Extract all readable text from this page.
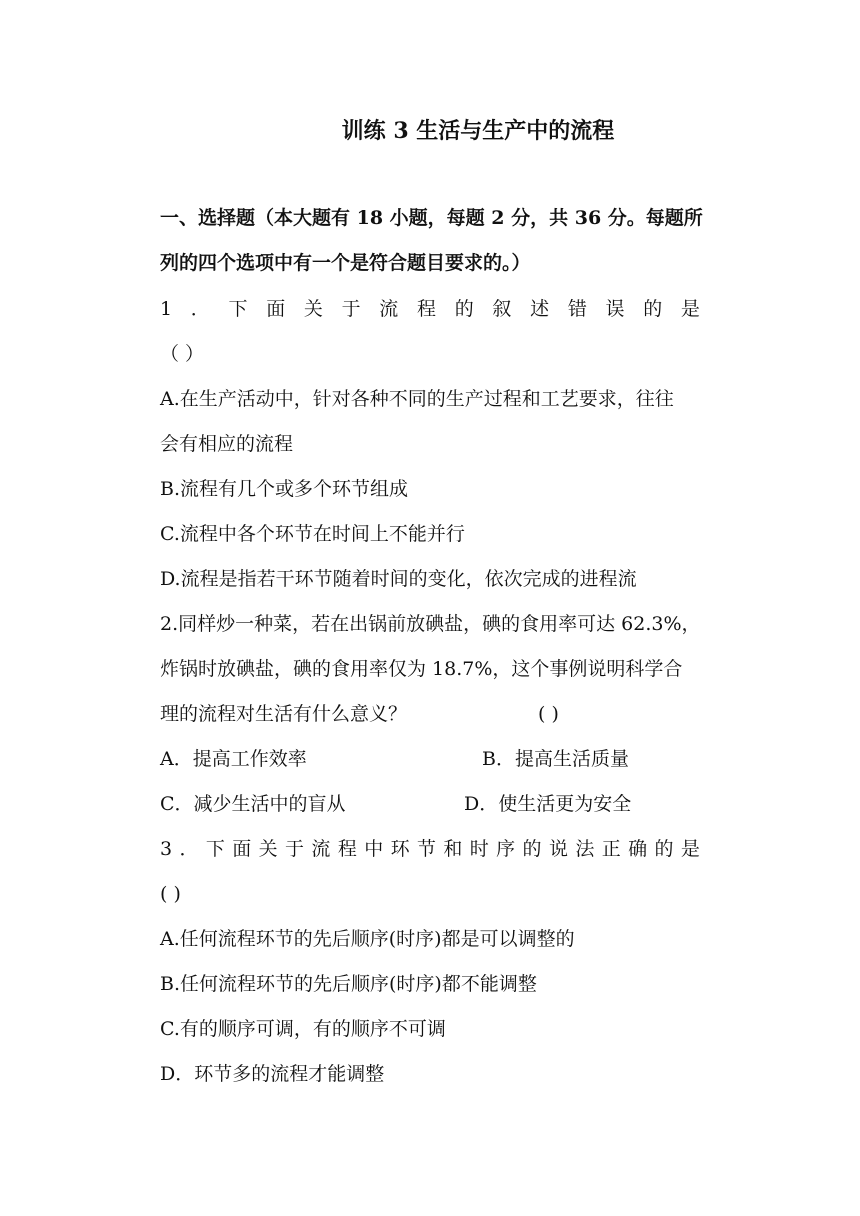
训练 3 生活与生产中的流程
一、选择题（本大题有 18 小题，每题 2 分，共 36 分。每题所
列的四个选项中有一个是符合题目要求的。）
1 ． 下 面 关 于 流 程 的 叙 述 错 误 的 是
（ ）
A.在生产活动中，针对各种不同的生产过程和工艺要求，往往
会有相应的流程
B.流程有几个或多个环节组成
C.流程中各个环节在时间上不能并行
D.流程是指若干环节随着时间的变化，依次完成的进程流
2.同样炒一种菜，若在出锅前放碘盐，碘的食用率可达 62.3%，
炸锅时放碘盐，碘的食用率仅为 18.7%，这个事例说明科学合
理的流程对生活有什么意义？	( )
A．提高工作效率	B．提高生活质量
C．减少生活中的盲从	D．使生活更为安全
3 ． 下 面 关 于 流 程 中 环 节 和 时 序 的 说 法 正 确 的 是
( )
A.任何流程环节的先后顺序(时序)都是可以调整的
B.任何流程环节的先后顺序(时序)都不能调整
C.有的顺序可调，有的顺序不可调
D．环节多的流程才能调整
